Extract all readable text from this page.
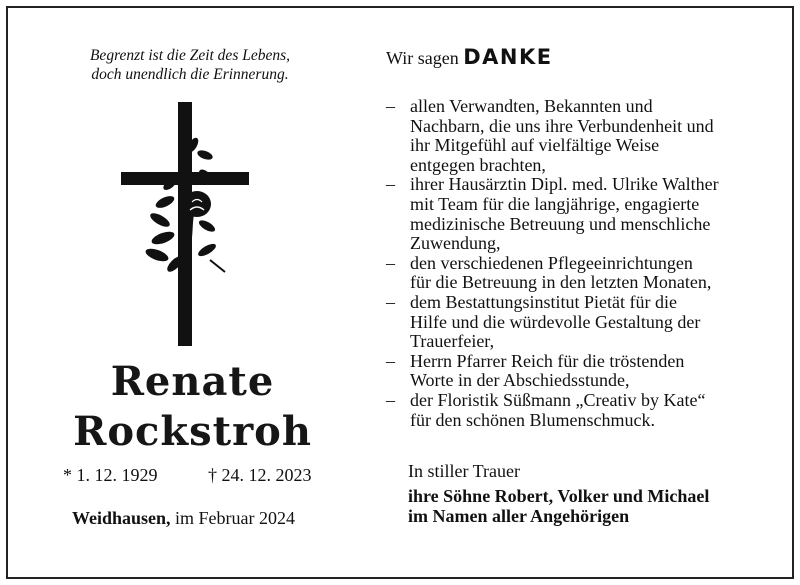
Begrenzt ist die Zeit des Lebens,
doch unendlich die Erinnerung.
Renate
Rockstroh
* 1. 12. 1929	† 24. 12. 2023
Weidhausen, im Februar 2024
Wir sagen DANKE
– allen Verwandten, Bekannten und
Nachbarn, die uns ihre Verbundenheit und
ihr Mitgefühl auf vielfältige Weise
entgegen brachten,
– ihrer Hausärztin Dipl. med. Ulrike Walther
mit Team für die langjährige, engagierte
medizinische Betreuung und menschliche
Zuwendung,
– den verschiedenen Pflegeeinrichtungen
für die Betreuung in den letzten Monaten,
– dem Bestattungsinstitut Pietät für die
Hilfe und die würdevolle Gestaltung der
Trauerfeier,
– Herrn Pfarrer Reich für die tröstenden
Worte in der Abschiedsstunde,
– der Floristik Süßmann „Creativ by Kate“
für den schönen Blumenschmuck.
In stiller Trauer
ihre Söhne Robert, Volker und Michael
im Namen aller Angehörigen
